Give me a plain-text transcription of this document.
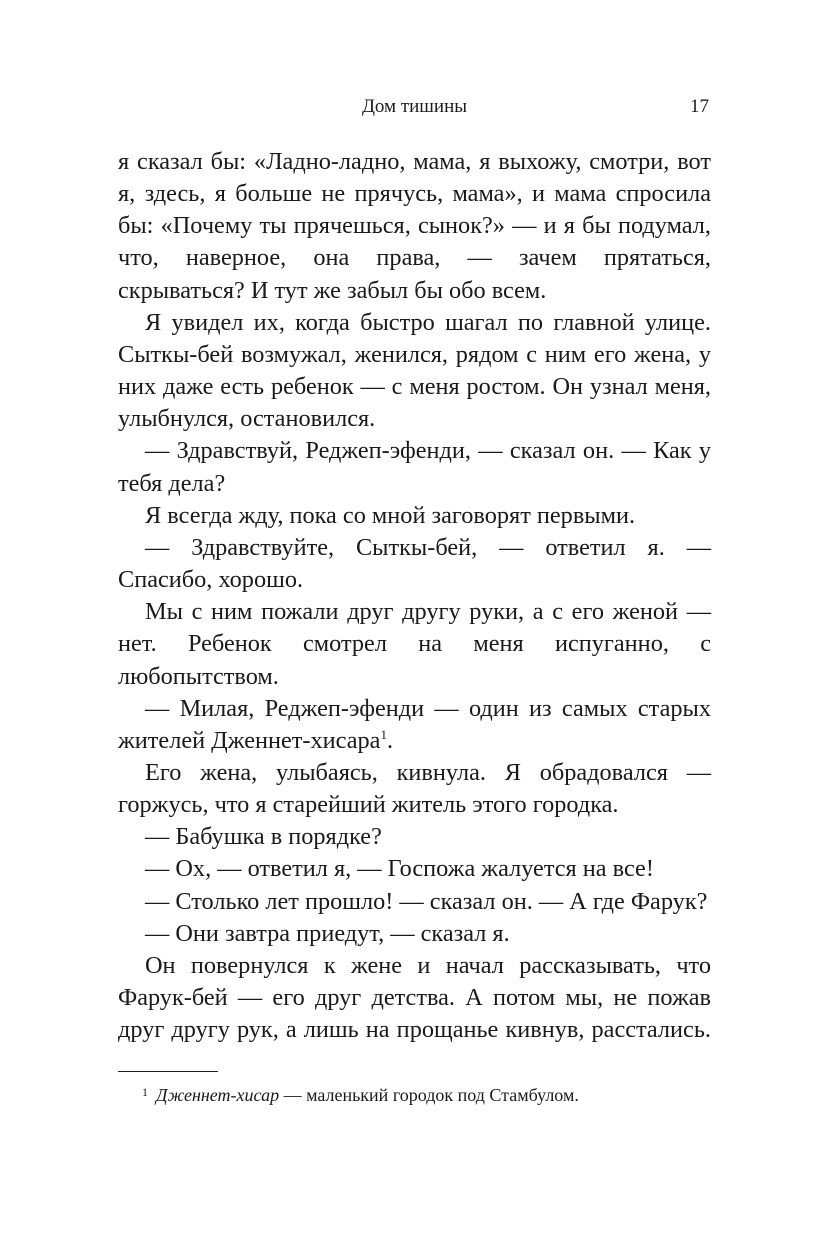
Дом тишины	17

я сказал бы: «Ладно-ладно, мама, я выхожу, смотри, вот я, здесь, я больше не прячусь, мама», и мама спросила бы: «Почему ты прячешься, сынок?» — и я бы подумал, что, наверное, она права, — зачем прятаться, скрываться? И тут же забыл бы обо всем.

Я увидел их, когда быстро шагал по главной улице. Сыткы-бей возмужал, женился, рядом с ним его жена, у них даже есть ребенок — с меня ростом. Он узнал меня, улыбнулся, остановился.

— Здравствуй, Реджеп-эфенди, — сказал он. — Как у тебя дела?

Я всегда жду, пока со мной заговорят первыми.

— Здравствуйте, Сыткы-бей, — ответил я. — Спасибо, хорошо.

Мы с ним пожали друг другу руки, а с его женой — нет. Ребенок смотрел на меня испуганно, с любопытством.

— Милая, Реджеп-эфенди — один из самых старых жителей Дженнет-хисара$^1$.

Его жена, улыбаясь, кивнула. Я обрадовался — горжусь, что я старейший житель этого городка.

— Бабушка в порядке?

— Ох, — ответил я, — Госпожа жалуется на все!

— Столько лет прошло! — сказал он. — А где Фарук?

— Они завтра приедут, — сказал я.

Он повернулся к жене и начал рассказывать, что Фарук-бей — его друг детства. А потом мы, не пожав друг другу рук, а лишь на прощанье кивнув, расстались.

$^1$ Дженнет-хисар — маленький городок под Стамбулом.
